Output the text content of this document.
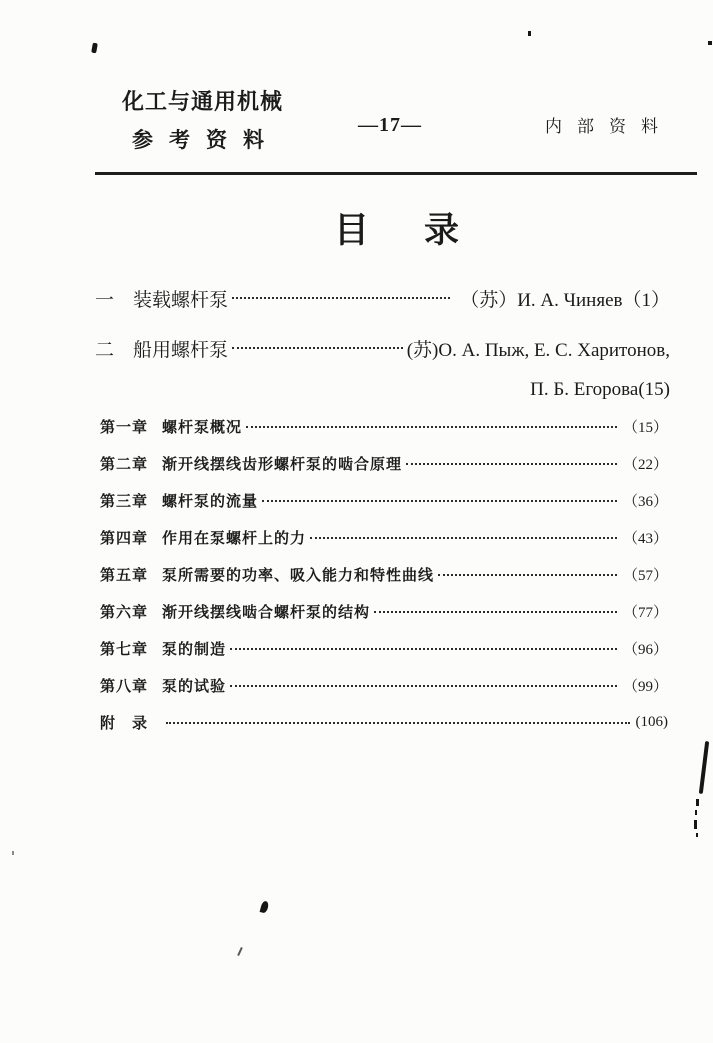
化工与通用机械
参考资料
—17—	内部资料
目 录
一 装载螺杆泵	（苏）И. А. Чиняев （1）
二 船用螺杆泵	(苏)О. А. Пыж, Е. С. Харитонов,
П. Б. Егорова(15)
第一章 螺杆泵概况	（15）
第二章 渐开线摆线齿形螺杆泵的啮合原理	（22）
第三章 螺杆泵的流量	（36）
第四章 作用在泵螺杆上的力	（43）
第五章 泵所需要的功率、吸入能力和特性曲线	（57）
第六章 渐开线摆线啮合螺杆泵的结构	（77）
第七章 泵的制造	（96）
第八章 泵的试验	（99）
附　录	(106)
